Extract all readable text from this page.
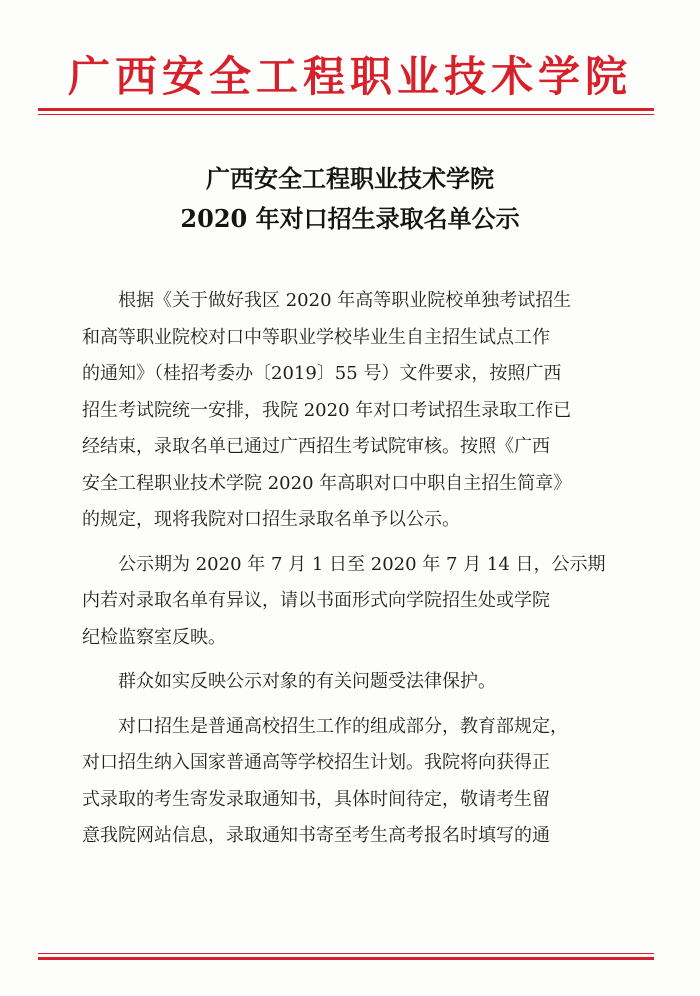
广西安全工程职业技术学院
广西安全工程职业技术学院
2020 年对口招生录取名单公示
　　根据《关于做好我区 2020 年高等职业院校单独考试招生
和高等职业院校对口中等职业学校毕业生自主招生试点工作
的通知》（桂招考委办〔2019〕55 号）文件要求，按照广西
招生考试院统一安排，我院 2020 年对口考试招生录取工作已
经结束，录取名单已通过广西招生考试院审核。按照《广西
安全工程职业技术学院 2020 年高职对口中职自主招生简章》
的规定，现将我院对口招生录取名单予以公示。
　　公示期为 2020 年 7 月 1 日至 2020 年 7 月 14 日，公示期
内若对录取名单有异议，请以书面形式向学院招生处或学院
纪检监察室反映。
　　群众如实反映公示对象的有关问题受法律保护。
　　对口招生是普通高校招生工作的组成部分，教育部规定，
对口招生纳入国家普通高等学校招生计划。我院将向获得正
式录取的考生寄发录取通知书，具体时间待定，敬请考生留
意我院网站信息，录取通知书寄至考生高考报名时填写的通
